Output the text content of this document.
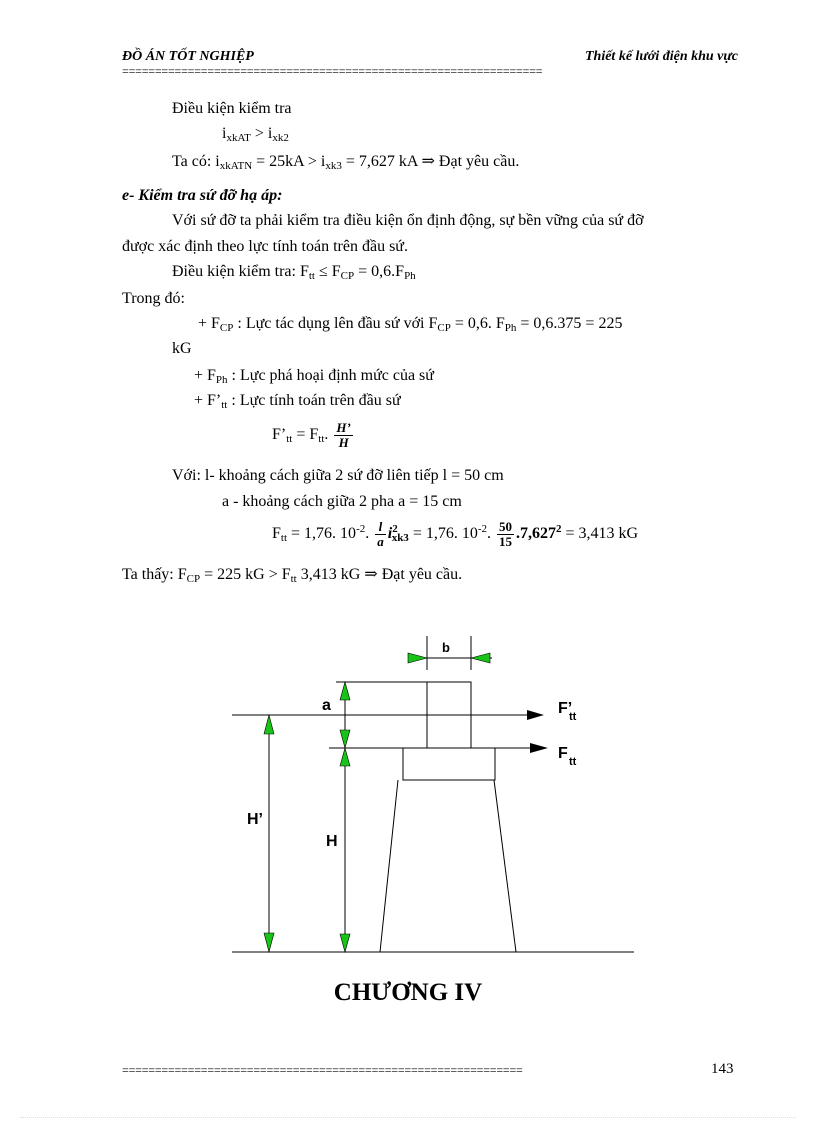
ĐỒ ÁN TỐT NGHIỆP	Thiết kế lưới điện khu vực
================================================================
Điều kiện kiểm tra
$i_{xkAT} > i_{xk2}$
Ta có: $i_{xkATN} = 25kA > i_{xk3} = 7,627$ kA ⇒ Đạt yêu cầu.
e- Kiểm tra sứ đỡ hạ áp:
Với sứ đỡ ta phải kiểm tra điều kiện ổn định động, sự bền vững của sứ đỡ
được xác định theo lực tính toán trên đầu sứ.
Điều kiện kiểm tra: $F_{tt} \le F_{CP} = 0,6.F_{Ph}$
Trong đó:
+ $F_{CP}$ : Lực tác dụng lên đầu sứ với $F_{CP} = 0,6$. $F_{Ph} = 0,6.375 = 225$
kG
+ $F_{Ph}$ : Lực phá hoại định mức của sứ
+ $F’_{tt}$ : Lực tính toán trên đầu sứ
$F’_{tt} = F_{tt}$. $\frac{H’}{H}$
Với: l- khoảng cách giữa 2 sứ đỡ liên tiếp l = 50 cm
a - khoảng cách giữa 2 pha a = 15 cm
$F_{tt} = 1,76$. $10^{-2}$. $\frac{l}{a} i^2_{xk3} = 1,76$. $10^{-2}$. $\frac{50}{15} .7,627^2 = 3,413$ kG
Ta thấy: $F_{CP} = 225$ kG > $F_{tt}$ 3,413 kG ⇒ Đạt yêu cầu.
b
a
H’
H
F’
tt
F tt
CHƯƠNG IV
=============================================================	143
